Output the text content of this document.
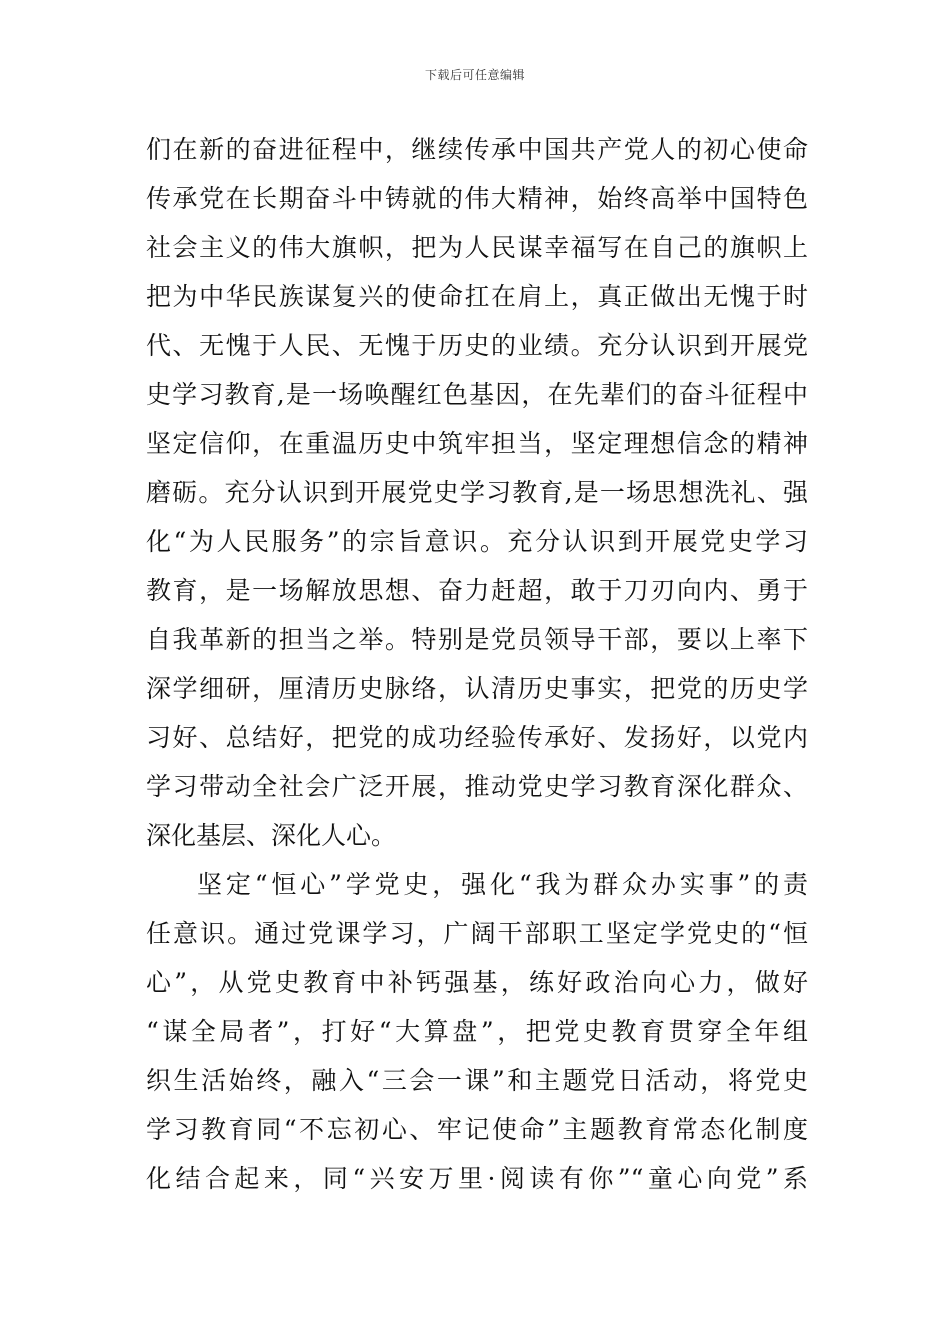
下载后可任意编辑
们在新的奋进征程中，继续传承中国共产党人的初心使命
传承党在长期奋斗中铸就的伟大精神，始终高举中国特色
社会主义的伟大旗帜，把为人民谋幸福写在自己的旗帜上
把为中华民族谋复兴的使命扛在肩上，真正做出无愧于时
代、无愧于人民、无愧于历史的业绩。充分认识到开展党
史学习教育,是一场唤醒红色基因，在先辈们的奋斗征程中
坚定信仰，在重温历史中筑牢担当，坚定理想信念的精神
磨砺。充分认识到开展党史学习教育,是一场思想洗礼、强
化“为人民服务”的宗旨意识。充分认识到开展党史学习
教育，是一场解放思想、奋力赶超，敢于刀刃向内、勇于
自我革新的担当之举。特别是党员领导干部，要以上率下
深学细研，厘清历史脉络，认清历史事实，把党的历史学
习好、总结好，把党的成功经验传承好、发扬好，以党内
学习带动全社会广泛开展，推动党史学习教育深化群众、
深化基层、深化人心。
坚定“恒心”学党史，强化“我为群众办实事”的责
任意识。通过党课学习，广阔干部职工坚定学党史的“恒
心”，从党史教育中补钙强基，练好政治向心力，做好
“谋全局者”，打好“大算盘”，把党史教育贯穿全年组
织生活始终，融入“三会一课”和主题党日活动，将党史
学习教育同“不忘初心、牢记使命”主题教育常态化制度
化结合起来，同“兴安万里·阅读有你”“童心向党”系
